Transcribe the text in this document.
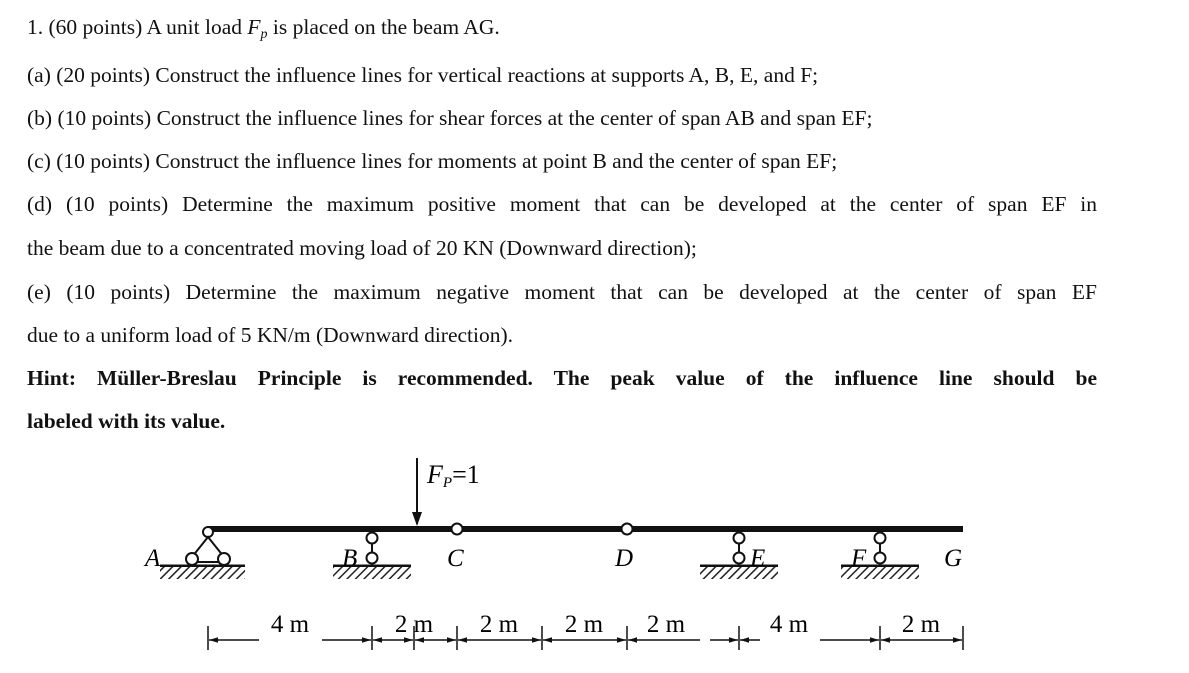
1. (60 points) A unit load $F_p$ is placed on the beam AG.
(a) (20 points) Construct the influence lines for vertical reactions at supports A, B, E, and F;
(b) (10 points) Construct the influence lines for shear forces at the center of span AB and span EF;
(c) (10 points) Construct the influence lines for moments at point B and the center of span EF;
(d) (10 points) Determine the maximum positive moment that can be developed at the center of span EF in
the beam due to a concentrated moving load of 20 KN (Downward direction);
(e) (10 points) Determine the maximum negative moment that can be developed at the center of span EF
due to a uniform load of 5 KN/m (Downward direction).
Hint: Müller-Breslau Principle is recommended. The peak value of the influence line should be
labeled with its value.
FP=1
A	B	C	D	E	F	G
4 m	2 m 2 m 2 m 2 m	4 m	2 m
